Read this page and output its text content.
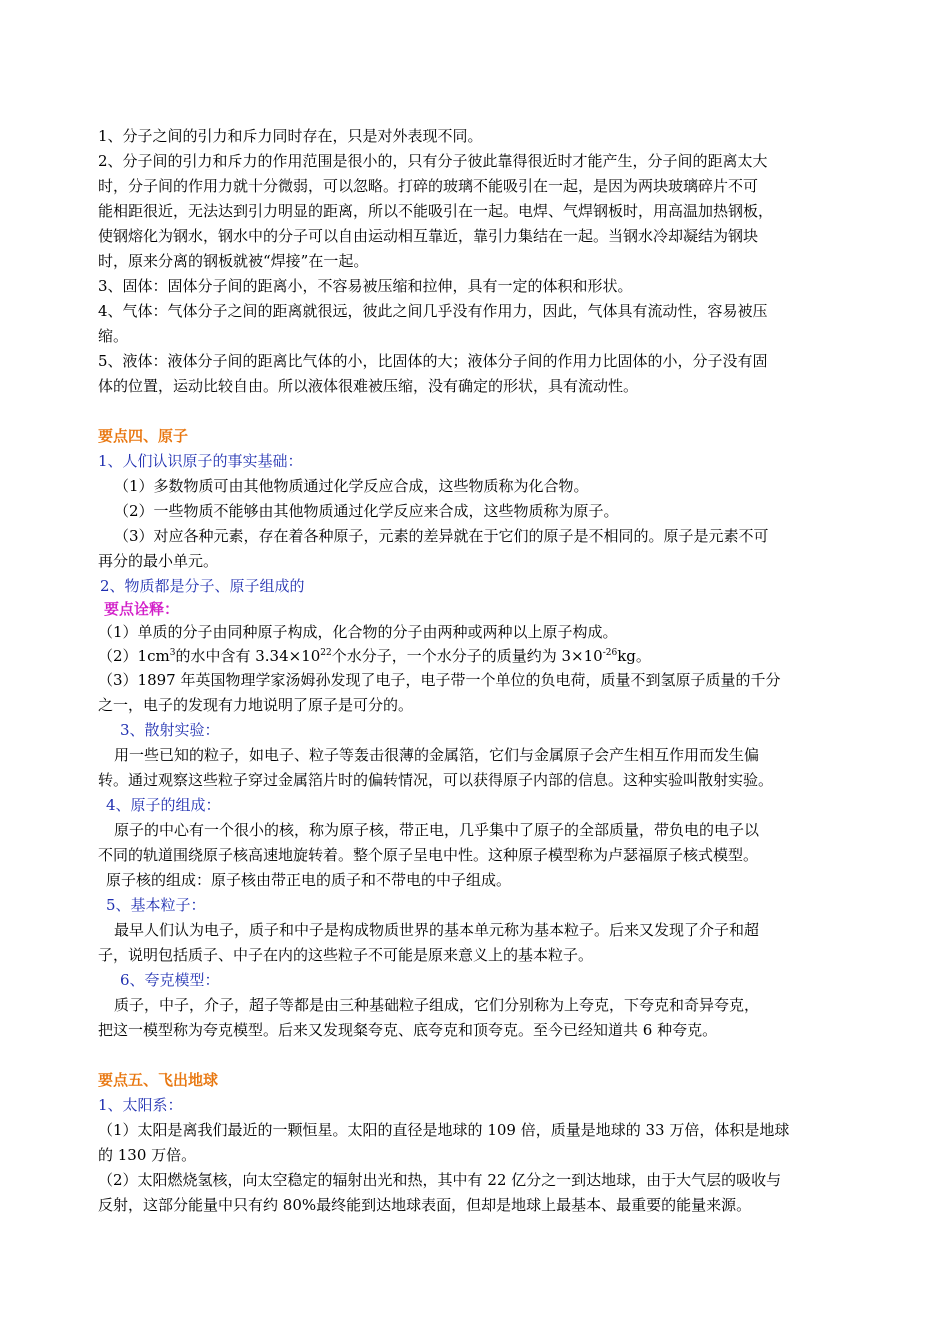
1、分子之间的引力和斥力同时存在，只是对外表现不同。
2、分子间的引力和斥力的作用范围是很小的，只有分子彼此靠得很近时才能产生，分子间的距离太大
时，分子间的作用力就十分微弱，可以忽略。打碎的玻璃不能吸引在一起，是因为两块玻璃碎片不可
能相距很近，无法达到引力明显的距离，所以不能吸引在一起。电焊、气焊钢板时，用高温加热钢板，
使钢熔化为钢水，钢水中的分子可以自由运动相互靠近，靠引力集结在一起。当钢水冷却凝结为钢块
时，原来分离的钢板就被“焊接”在一起。
3、固体：固体分子间的距离小，不容易被压缩和拉伸，具有一定的体积和形状。
4、气体：气体分子之间的距离就很远，彼此之间几乎没有作用力，因此，气体具有流动性，容易被压
缩。
5、液体：液体分子间的距离比气体的小，比固体的大；液体分子间的作用力比固体的小，分子没有固
体的位置，运动比较自由。所以液体很难被压缩，没有确定的形状，具有流动性。
要点四、原子
1、人们认识原子的事实基础：
（1）多数物质可由其他物质通过化学反应合成，这些物质称为化合物。
（2）一些物质不能够由其他物质通过化学反应来合成，这些物质称为原子。
（3）对应各种元素，存在着各种原子，元素的差异就在于它们的原子是不相同的。原子是元素不可
再分的最小单元。
2、物质都是分子、原子组成的
要点诠释：
（1）单质的分子由同种原子构成，化合物的分子由两种或两种以上原子构成。
$(2)1cm^3$的水中含有 $3.34\times 10^{22}$个水分子，一个水分子的质量约为 $3\times 10^{-26}kg$。
（3）1897 年英国物理学家汤姆孙发现了电子，电子带一个单位的负电荷，质量不到氢原子质量的千分
之一，电子的发现有力地说明了原子是可分的。
3、散射实验：
用一些已知的粒子，如电子、粒子等轰击很薄的金属箔，它们与金属原子会产生相互作用而发生偏
转。通过观察这些粒子穿过金属箔片时的偏转情况，可以获得原子内部的信息。这种实验叫散射实验。
4、原子的组成：
原子的中心有一个很小的核，称为原子核，带正电，几乎集中了原子的全部质量，带负电的电子以
不同的轨道围绕原子核高速地旋转着。整个原子呈电中性。这种原子模型称为卢瑟福原子核式模型。
原子核的组成：原子核由带正电的质子和不带电的中子组成。
5、基本粒子：
最早人们认为电子，质子和中子是构成物质世界的基本单元称为基本粒子。后来又发现了介子和超
子，说明包括质子、中子在内的这些粒子不可能是原来意义上的基本粒子。
6、夸克模型：
质子，中子，介子，超子等都是由三种基础粒子组成，它们分别称为上夸克，下夸克和奇异夸克，
把这一模型称为夸克模型。后来又发现粲夸克、底夸克和顶夸克。至今已经知道共 6 种夸克。
要点五、飞出地球
1、太阳系：
（1）太阳是离我们最近的一颗恒星。太阳的直径是地球的 109 倍，质量是地球的 33 万倍，体积是地球
的 130 万倍。
（2）太阳燃烧氢核，向太空稳定的辐射出光和热，其中有 22 亿分之一到达地球，由于大气层的吸收与
反射，这部分能量中只有约 80%最终能到达地球表面，但却是地球上最基本、最重要的能量来源。
